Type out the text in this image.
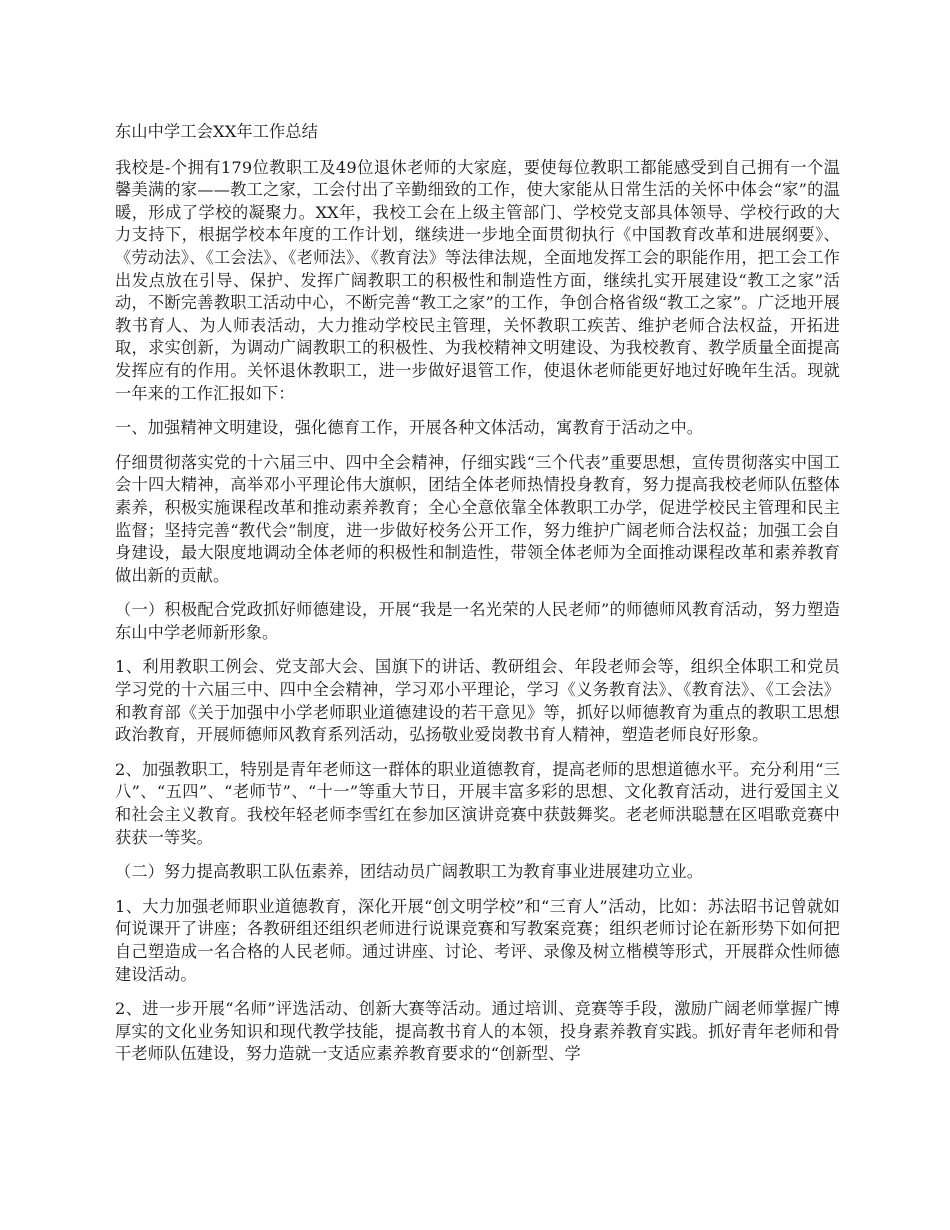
东山中学工会XX年工作总结

我校是-个拥有179位教职工及49位退休老师的大家庭，要使每位教职工都能感受到自己拥有一个温馨美满的家——教工之家，工会付出了辛勤细致的工作，使大家能从日常生活的关怀中体会“家”的温暖，形成了学校的凝聚力。XX年，我校工会在上级主管部门、学校党支部具体领导、学校行政的大力支持下，根据学校本年度的工作计划，继续进一步地全面贯彻执行《中国教育改革和进展纲要》、《劳动法》、《工会法》、《老师法》、《教育法》等法律法规，全面地发挥工会的职能作用，把工会工作出发点放在引导、保护、发挥广阔教职工的积极性和制造性方面，继续扎实开展建设“教工之家”活动，不断完善教职工活动中心，不断完善“教工之家”的工作，争创合格省级“教工之家”。广泛地开展教书育人、为人师表活动，大力推动学校民主管理，关怀教职工疾苦、维护老师合法权益，开拓进取，求实创新，为调动广阔教职工的积极性、为我校精神文明建设、为我校教育、教学质量全面提高发挥应有的作用。关怀退休教职工，进一步做好退管工作，使退休老师能更好地过好晚年生活。现就一年来的工作汇报如下：

一、加强精神文明建设，强化德育工作，开展各种文体活动，寓教育于活动之中。

仔细贯彻落实党的十六届三中、四中全会精神，仔细实践“三个代表”重要思想，宣传贯彻落实中国工会十四大精神，高举邓小平理论伟大旗帜，团结全体老师热情投身教育，努力提高我校老师队伍整体素养，积极实施课程改革和推动素养教育；全心全意依靠全体教职工办学，促进学校民主管理和民主监督；坚持完善“教代会”制度，进一步做好校务公开工作，努力维护广阔老师合法权益；加强工会自身建设，最大限度地调动全体老师的积极性和制造性，带领全体老师为全面推动课程改革和素养教育做出新的贡献。

（一）积极配合党政抓好师德建设，开展“我是一名光荣的人民老师”的师德师风教育活动，努力塑造东山中学老师新形象。

1、利用教职工例会、党支部大会、国旗下的讲话、教研组会、年段老师会等，组织全体职工和党员学习党的十六届三中、四中全会精神，学习邓小平理论，学习《义务教育法》、《教育法》、《工会法》和教育部《关于加强中小学老师职业道德建设的若干意见》等，抓好以师德教育为重点的教职工思想政治教育，开展师德师风教育系列活动，弘扬敬业爱岗教书育人精神，塑造老师良好形象。

2、加强教职工，特别是青年老师这一群体的职业道德教育，提高老师的思想道德水平。充分利用“三八”、“五四”、“老师节”、“十一”等重大节日，开展丰富多彩的思想、文化教育活动，进行爱国主义和社会主义教育。我校年轻老师李雪红在参加区演讲竞赛中获鼓舞奖。老老师洪聪慧在区唱歌竞赛中获获一等奖。

（二）努力提高教职工队伍素养，团结动员广阔教职工为教育事业进展建功立业。

1、大力加强老师职业道德教育，深化开展“创文明学校”和“三育人”活动，比如：苏法昭书记曾就如何说课开了讲座；各教研组还组织老师进行说课竞赛和写教案竞赛；组织老师讨论在新形势下如何把自己塑造成一名合格的人民老师。通过讲座、讨论、考评、录像及树立楷模等形式，开展群众性师德建设活动。

2、进一步开展“名师”评选活动、创新大赛等活动。通过培训、竞赛等手段，激励广阔老师掌握广博厚实的文化业务知识和现代教学技能，提高教书育人的本领，投身素养教育实践。抓好青年老师和骨干老师队伍建设，努力造就一支适应素养教育要求的“创新型、学
